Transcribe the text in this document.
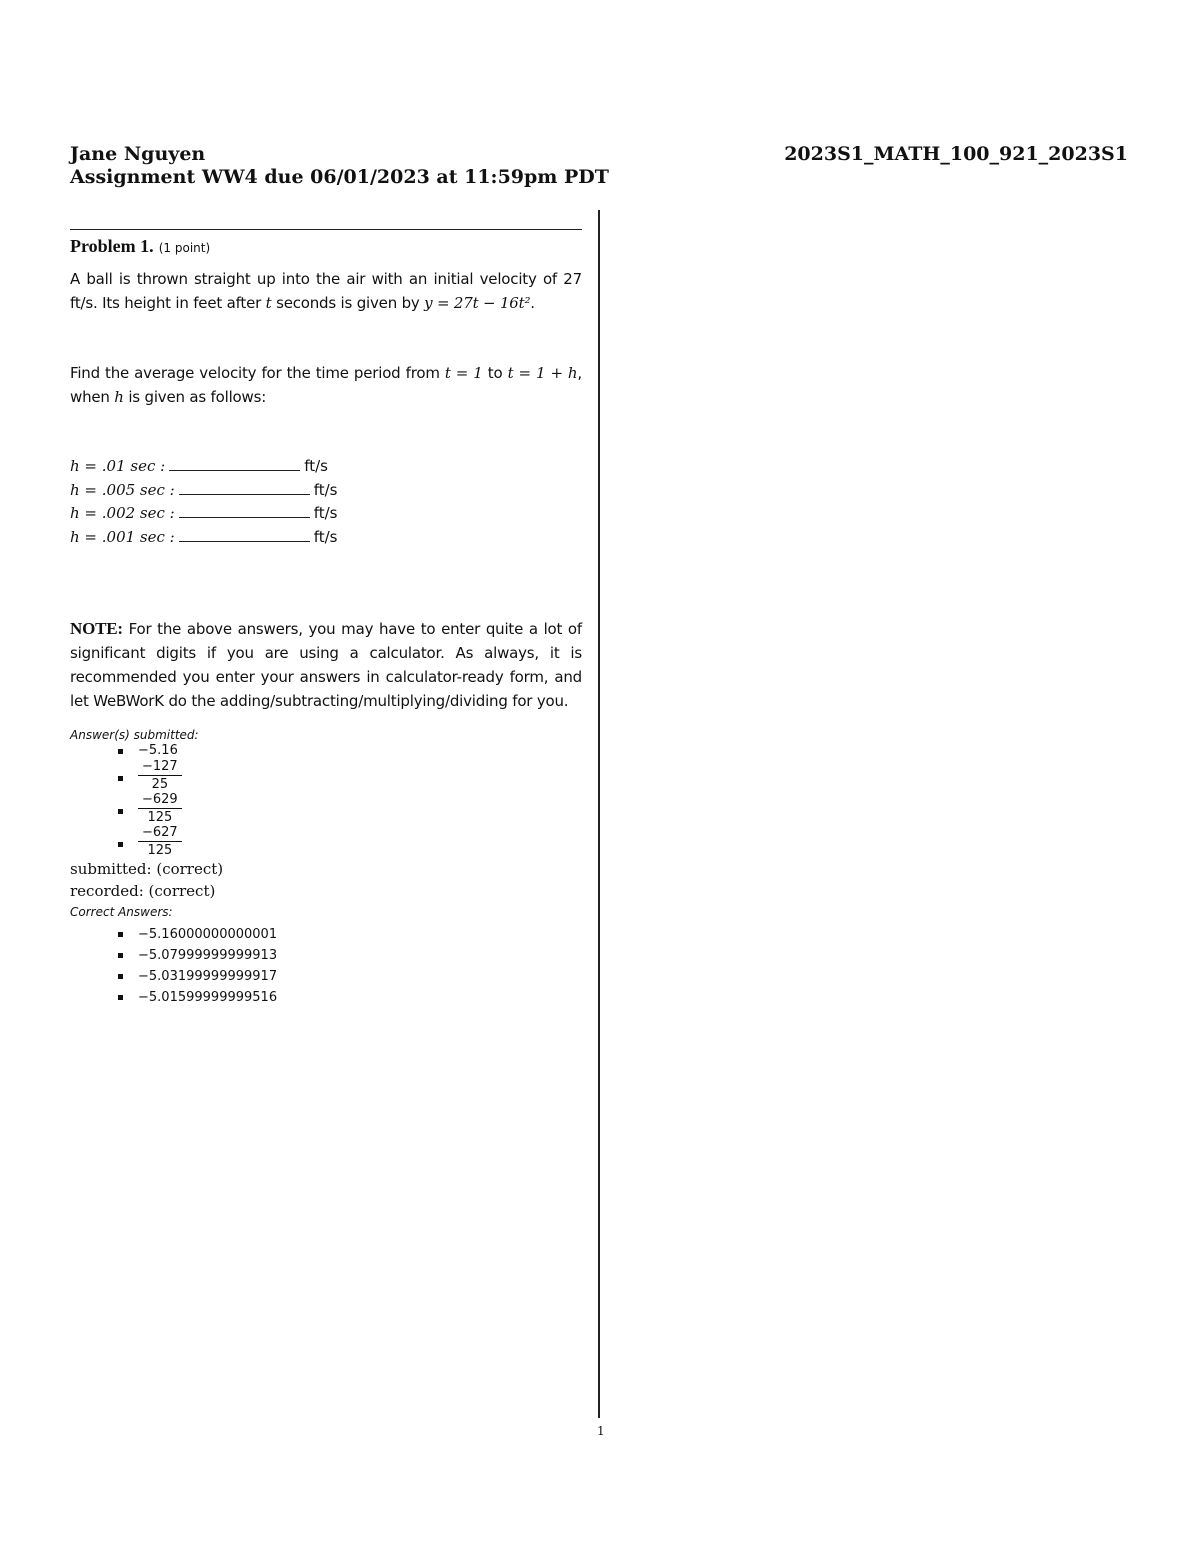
Jane Nguyen
Assignment WW4 due 06/01/2023 at 11:59pm PDT
2023S1_MATH_100_921_2023S1
Problem 1. (1 point)

A ball is thrown straight up into the air with an initial velocity of 27 ft/s. Its height in feet after t seconds is given by y = 27t − 16t².

Find the average velocity for the time period from t = 1 to t = 1 + h, when h is given as follows:

h = .01 sec :	ft/s
h = .005 sec :	ft/s
h = .002 sec :	ft/s
h = .001 sec :	ft/s

NOTE: For the above answers, you may have to enter quite a lot of significant digits if you are using a calculator. As always, it is recommended you enter your answers in calculator-ready form, and let WeBWorK do the adding/subtracting/multiplying/dividing for you.

Answer(s) submitted:
−5.16
$\frac{-127}{25}$
$\frac{-629}{125}$
$\frac{-627}{125}$
submitted: (correct)
recorded: (correct)
Correct Answers:
−5.16000000000001
−5.07999999999913
−5.03199999999917
−5.01599999999516
1
